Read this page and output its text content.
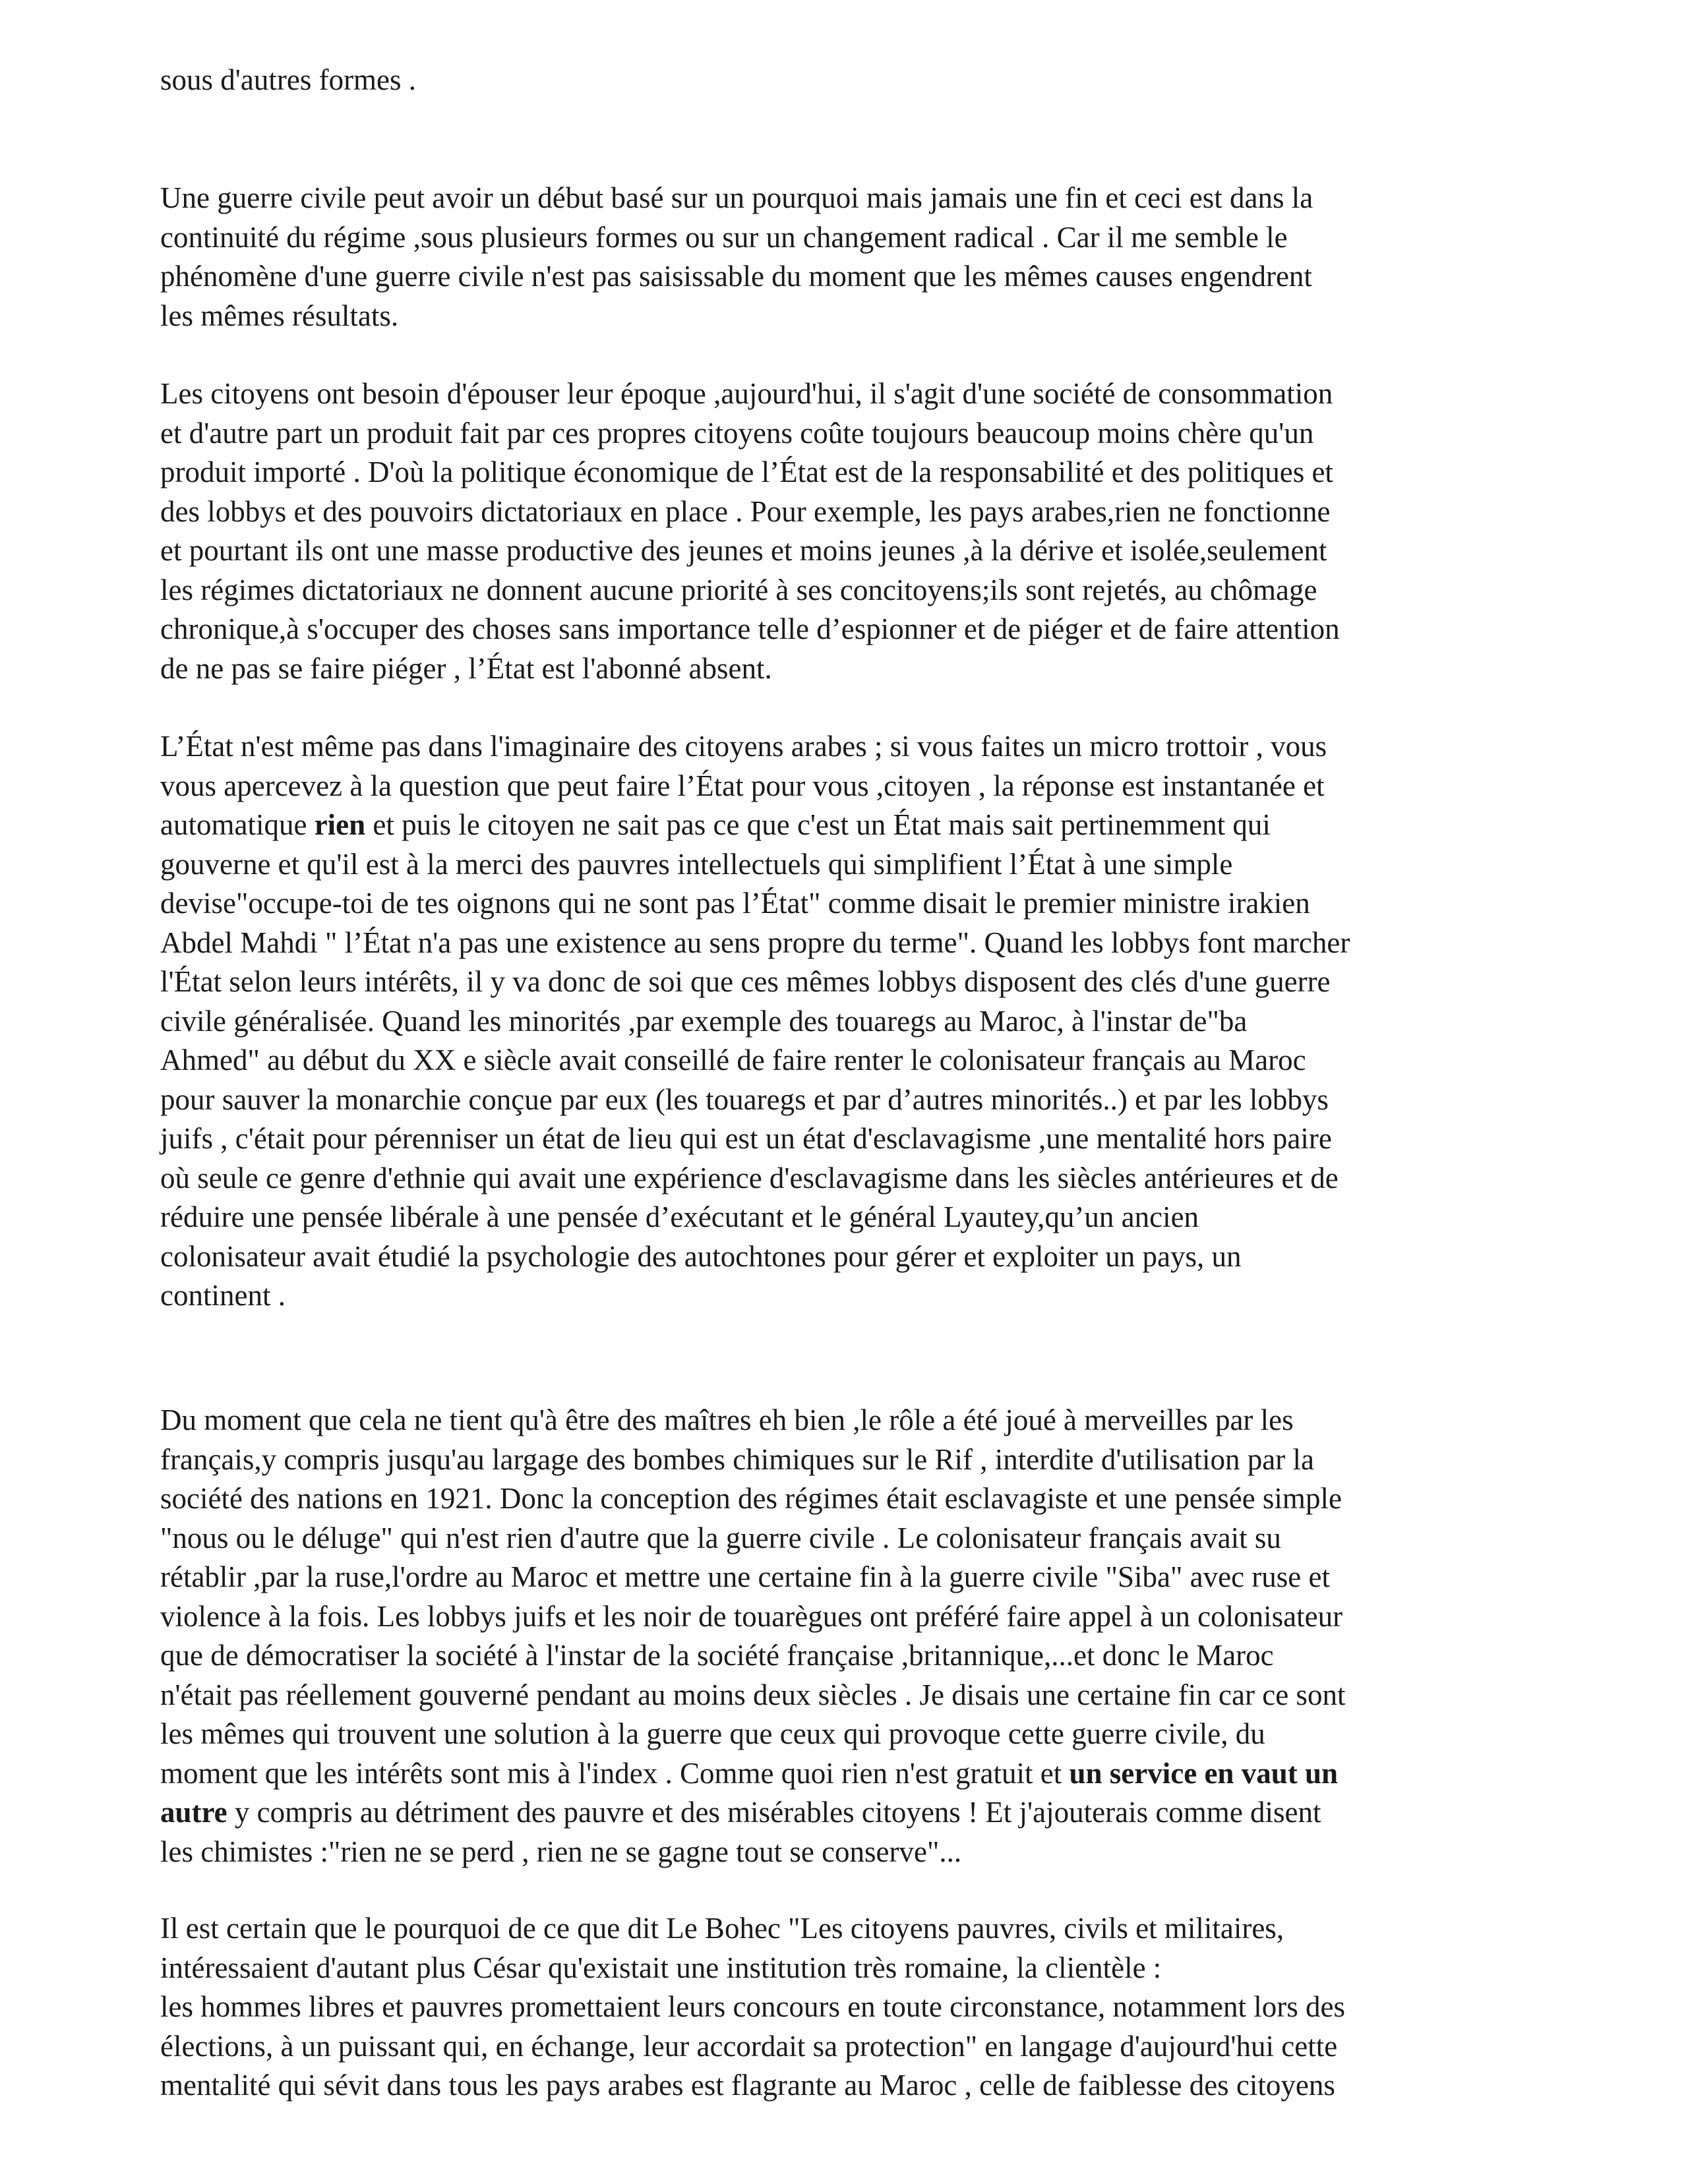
sous d'autres formes .

Une guerre civile peut avoir un début basé sur un pourquoi mais jamais une fin et ceci est dans la
continuité du régime ,sous plusieurs formes ou sur un changement radical . Car il me semble le
phénomène d'une guerre civile n'est pas saisissable du moment que les mêmes causes engendrent
les mêmes résultats.

Les citoyens ont besoin d'épouser leur époque ,aujourd'hui, il s'agit d'une société de consommation
et d'autre part un produit fait par ces propres citoyens coûte toujours beaucoup moins chère qu'un
produit importé . D'où la politique économique de l’État est de la responsabilité et des politiques et
des lobbys et des pouvoirs dictatoriaux en place . Pour exemple, les pays arabes,rien ne fonctionne
et pourtant ils ont une masse productive des jeunes et moins jeunes ,à la dérive et isolée,seulement
les régimes dictatoriaux ne donnent aucune priorité à ses concitoyens;ils sont rejetés, au chômage
chronique,à s'occuper des choses sans importance telle d’espionner et de piéger et de faire attention
de ne pas se faire piéger , l’État est l'abonné absent.

L’État n'est même pas dans l'imaginaire des citoyens arabes ; si vous faites un micro trottoir , vous
vous apercevez à la question que peut faire l’État pour vous ,citoyen , la réponse est instantanée et
automatique rien et puis le citoyen ne sait pas ce que c'est un État mais sait pertinemment qui
gouverne et qu'il est à la merci des pauvres intellectuels qui simplifient l’État à une simple
devise"occupe-toi de tes oignons qui ne sont pas l’État" comme disait le premier ministre irakien
Abdel Mahdi " l’État n'a pas une existence au sens propre du terme". Quand les lobbys font marcher
l'État selon leurs intérêts, il y va donc de soi que ces mêmes lobbys disposent des clés d'une guerre
civile généralisée. Quand les minorités ,par exemple des touaregs au Maroc, à l'instar de"ba
Ahmed" au début du XX e siècle avait conseillé de faire renter le colonisateur français au Maroc
pour sauver la monarchie conçue par eux (les touaregs et par d’autres minorités..) et par les lobbys
juifs , c'était pour pérenniser un état de lieu qui est un état d'esclavagisme ,une mentalité hors paire
où seule ce genre d'ethnie qui avait une expérience d'esclavagisme dans les siècles antérieures et de
réduire une pensée libérale à une pensée d’exécutant et le général Lyautey,qu’un ancien
colonisateur avait étudié la psychologie des autochtones pour gérer et exploiter un pays, un
continent .

Du moment que cela ne tient qu'à être des maîtres eh bien ,le rôle a été joué à merveilles par les
français,y compris jusqu'au largage des bombes chimiques sur le Rif , interdite d'utilisation par la
société des nations en 1921. Donc la conception des régimes était esclavagiste et une pensée simple
"nous ou le déluge" qui n'est rien d'autre que la guerre civile . Le colonisateur français avait su
rétablir ,par la ruse,l'ordre au Maroc et mettre une certaine fin à la guerre civile "Siba" avec ruse et
violence à la fois. Les lobbys juifs et les noir de touarègues ont préféré faire appel à un colonisateur
que de démocratiser la société à l'instar de la société française ,britannique,...et donc le Maroc
n'était pas réellement gouverné pendant au moins deux siècles . Je disais une certaine fin car ce sont
les mêmes qui trouvent une solution à la guerre que ceux qui provoque cette guerre civile, du
moment que les intérêts sont mis à l'index . Comme quoi rien n'est gratuit et un service en vaut un
autre y compris au détriment des pauvre et des misérables citoyens ! Et j'ajouterais comme disent
les chimistes :"rien ne se perd , rien ne se gagne tout se conserve"...

Il est certain que le pourquoi de ce que dit Le Bohec "Les citoyens pauvres, civils et militaires,
intéressaient d'autant plus César qu'existait une institution très romaine, la clientèle :
les hommes libres et pauvres promettaient leurs concours en toute circonstance, notamment lors des
élections, à un puissant qui, en échange, leur accordait sa protection" en langage d'aujourd'hui cette
mentalité qui sévit dans tous les pays arabes est flagrante au Maroc , celle de faiblesse des citoyens
